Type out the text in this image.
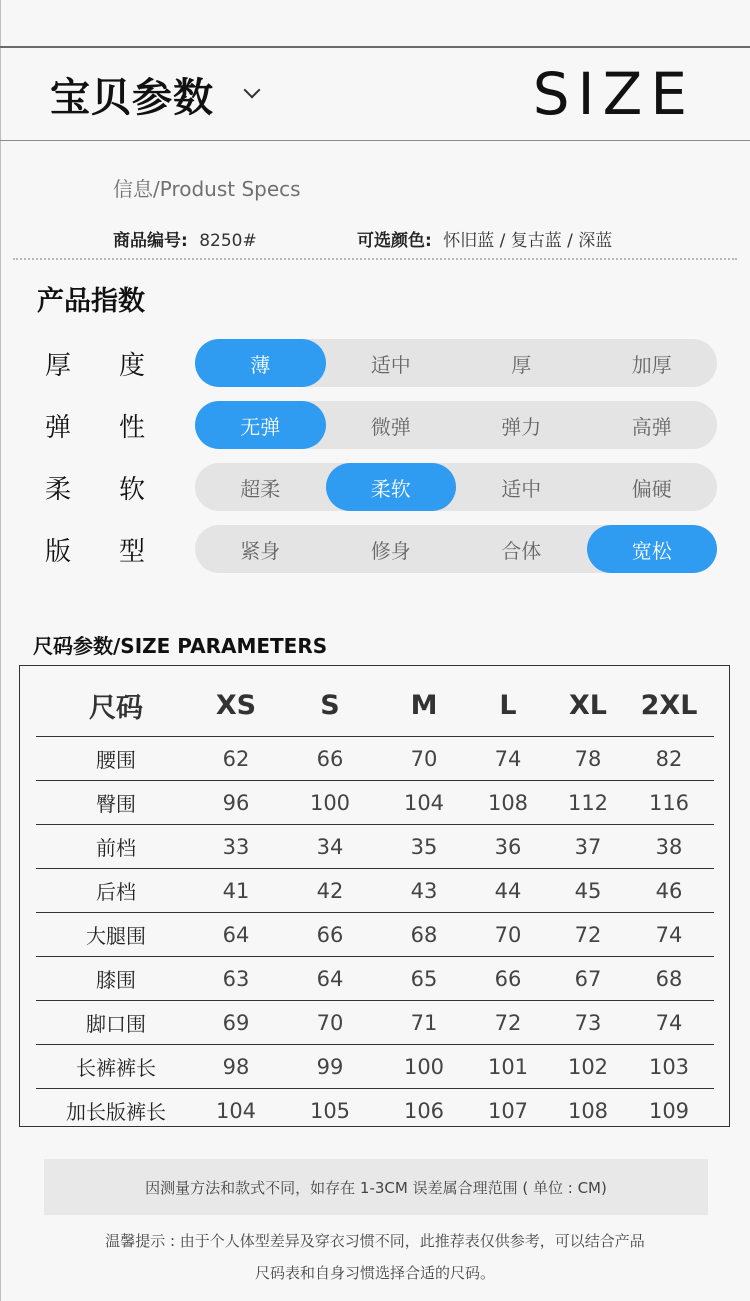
宝贝参数	SIZE
信息/Produst Specs
商品编号: 8250#	可选颜色: 怀旧蓝 / 复古蓝 / 深蓝
产品指数
厚 度	薄	适中	厚	加厚
弹 性	无弹	微弹	弹力	高弹
柔 软	超柔	柔软	适中	偏硬
版 型	紧身	修身	合体	宽松
尺码参数/SIZE PARAMETERS
尺码	XS	S	M	L	XL	2XL
腰围	62	66	70	74	78	82
臀围	96	100	104	108	112	116
前档	33	34	35	36	37	38
后档	41	42	43	44	45	46
大腿围	64	66	68	70	72	74
膝围	63	64	65	66	67	68
脚口围	69	70	71	72	73	74
长裤裤长	98	99	100	101	102	103
加长版裤长	104	105	106	107	108	109
因测量方法和款式不同，如存在 1-3CM 误差属合理范围 ( 单位 : CM)
温馨提示 : 由于个人体型差异及穿衣习惯不同，此推荐表仅供参考，可以结合产品
尺码表和自身习惯选择合适的尺码。
